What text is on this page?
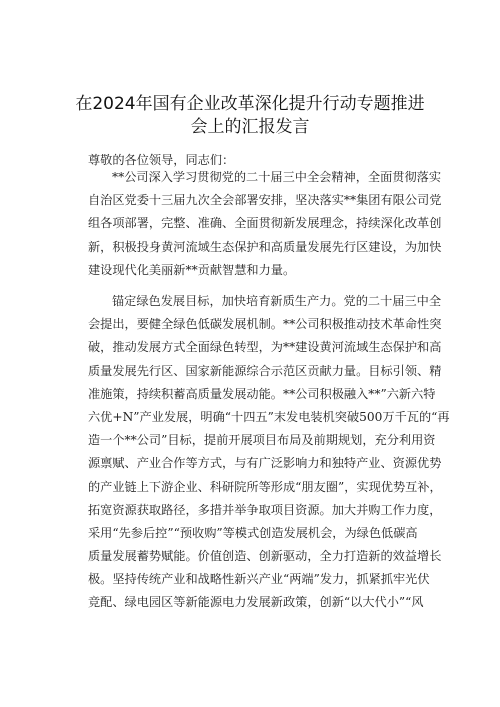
在2024年国有企业改革深化提升行动专题推进
会上的汇报发言

尊敬的各位领导，同志们：

**公司深入学习贯彻党的二十届三中全会精神，全面贯彻落实
自治区党委十三届九次全会部署安排，坚决落实**集团有限公司党
组各项部署，完整、准确、全面贯彻新发展理念，持续深化改革创
新，积极投身黄河流域生态保护和高质量发展先行区建设，为加快
建设现代化美丽新**贡献智慧和力量。
锚定绿色发展目标，加快培育新质生产力。党的二十届三中全
会提出，要健全绿色低碳发展机制。**公司积极推动技术革命性突
破，推动发展方式全面绿色转型，为**建设黄河流域生态保护和高
质量发展先行区、国家新能源综合示范区贡献力量。目标引领、精
准施策，持续积蓄高质量发展动能。**公司积极融入**”六新六特
六优+N”产业发展，明确“十四五”末发电装机突破500万千瓦的“再
造一个**公司”目标，提前开展项目布局及前期规划，充分利用资
源禀赋、产业合作等方式，与有广泛影响力和独特产业、资源优势
的产业链上下游企业、科研院所等形成“朋友圈”，实现优势互补，
拓宽资源获取路径，多措并举争取项目资源。加大并购工作力度，
采用“先参后控”“预收购”等模式创造发展机会，为绿色低碳高
质量发展蓄势赋能。价值创造、创新驱动，全力打造新的效益增长
极。坚持传统产业和战略性新兴产业“两端”发力，抓紧抓牢光伏
竞配、绿电园区等新能源电力发展新政策，创新“以大代小”“风
